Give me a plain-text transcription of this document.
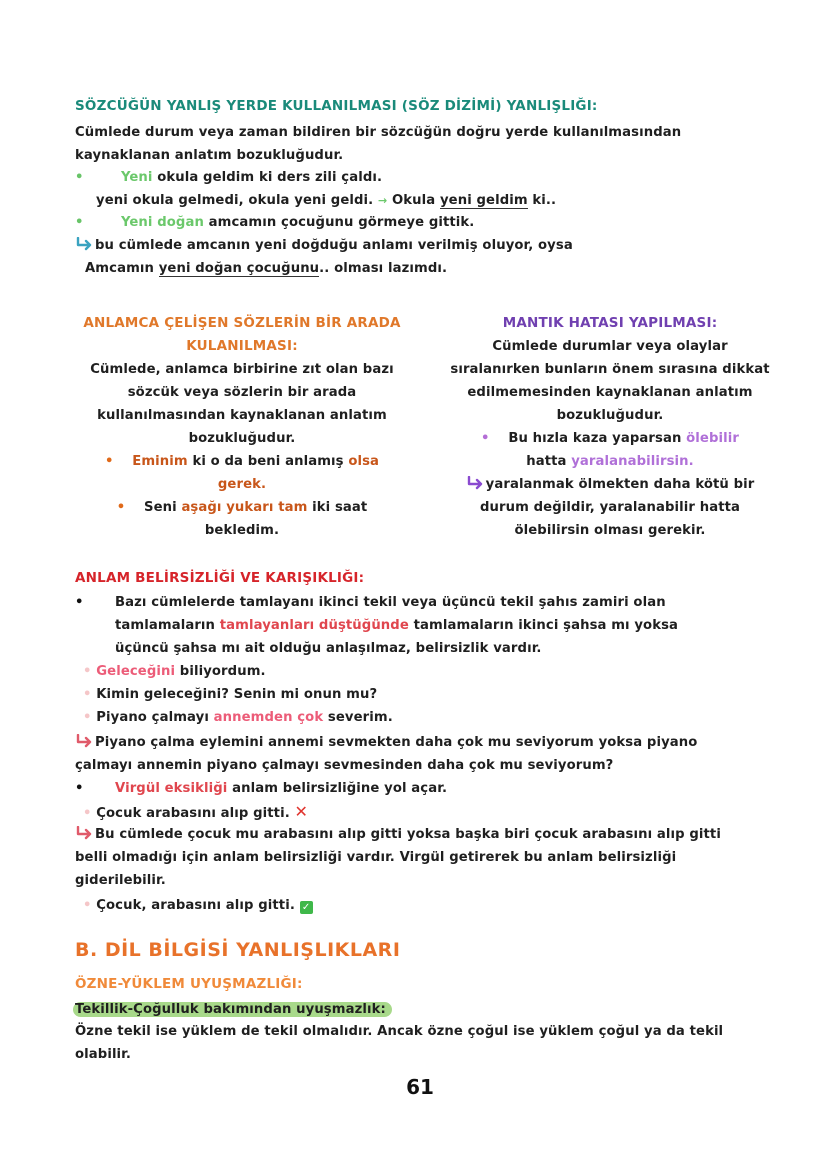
SÖZCÜĞÜN YANLIŞ YERDE KULLANILMASI (SÖZ DİZİMİ) YANLIŞLIĞI:
Cümlede durum veya zaman bildiren bir sözcüğün doğru yerde kullanılmasından
kaynaklanan anlatım bozukluğudur.
•	Yeni okula geldim ki ders zili çaldı.
yeni okula gelmedi, okula yeni geldi. → Okula yeni geldim ki..
•	Yeni doğan amcamın çocuğunu görmeye gittik.
bu cümlede amcanın yeni doğduğu anlamı verilmiş oluyor, oysa
Amcamın yeni doğan çocuğunu.. olması lazımdı.
ANLAMCA ÇELİŞEN SÖZLERİN BİR ARADA
KULANILMASI:
Cümlede, anlamca birbirine zıt olan bazı
sözcük veya sözlerin bir arada
kullanılmasından kaynaklanan anlatım
bozukluğudur.
• Eminim ki o da beni anlamış olsa
gerek.
• Seni aşağı yukarı tam iki saat
bekledim.
MANTIK HATASI YAPILMASI:
Cümlede durumlar veya olaylar
sıralanırken bunların önem sırasına dikkat
edilmemesinden kaynaklanan anlatım
bozukluğudur.
• Bu hızla kaza yaparsan ölebilir
hatta yaralanabilirsin.
yaralanmak ölmekten daha kötü bir
durum değildir, yaralanabilir hatta
ölebilirsin olması gerekir.
ANLAM BELİRSİZLİĞİ VE KARIŞIKLIĞI:
• Bazı cümlelerde tamlayanı ikinci tekil veya üçüncü tekil şahıs zamiri olan
tamlamaların tamlayanları düştüğünde tamlamaların ikinci şahsa mı yoksa
üçüncü şahsa mı ait olduğu anlaşılmaz, belirsizlik vardır.
• Geleceğini biliyordum.
• Kimin geleceğini? Senin mi onun mu?
• Piyano çalmayı annemden çok severim.
Piyano çalma eylemini annemi sevmekten daha çok mu seviyorum yoksa piyano
çalmayı annemin piyano çalmayı sevmesinden daha çok mu seviyorum?
• Virgül eksikliği anlam belirsizliğine yol açar.
• Çocuk arabasını alıp gitti. ✕
Bu cümlede çocuk mu arabasını alıp gitti yoksa başka biri çocuk arabasını alıp gitti
belli olmadığı için anlam belirsizliği vardır. Virgül getirerek bu anlam belirsizliği
giderilebilir.
• Çocuk, arabasını alıp gitti. ✓
B. DİL BİLGİSİ YANLIŞLIKLARI
ÖZNE-YÜKLEM UYUŞMAZLIĞI:
Tekillik-Çoğulluk bakımından uyuşmazlık:
Özne tekil ise yüklem de tekil olmalıdır. Ancak özne çoğul ise yüklem çoğul ya da tekil
olabilir.
61
